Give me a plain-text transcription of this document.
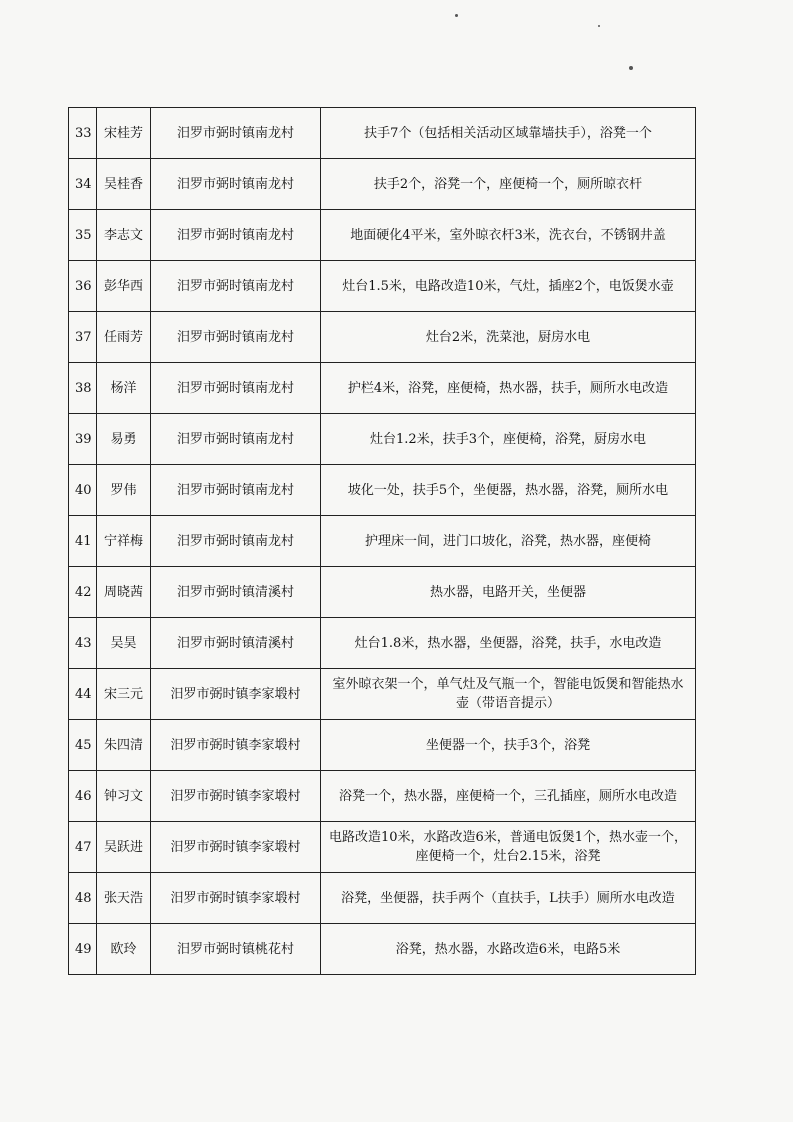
33	宋桂芳	汨罗市弼时镇南龙村	扶手7个（包括相关活动区域靠墙扶手），浴凳一个
34	吴桂香	汨罗市弼时镇南龙村	扶手2个，浴凳一个，座便椅一个，厕所晾衣杆
35	李志文	汨罗市弼时镇南龙村	地面硬化4平米，室外晾衣杆3米，洗衣台，不锈钢井盖
36	彭华西	汨罗市弼时镇南龙村	灶台1.5米，电路改造10米，气灶，插座2个，电饭煲水壶
37	任雨芳	汨罗市弼时镇南龙村	灶台2米，洗菜池，厨房水电
38	杨洋	汨罗市弼时镇南龙村	护栏4米，浴凳，座便椅，热水器，扶手，厕所水电改造
39	易勇	汨罗市弼时镇南龙村	灶台1.2米，扶手3个，座便椅，浴凳，厨房水电
40	罗伟	汨罗市弼时镇南龙村	坡化一处，扶手5个，坐便器，热水器，浴凳，厕所水电
41	宁祥梅	汨罗市弼时镇南龙村	护理床一间，进门口坡化，浴凳，热水器，座便椅
42	周晓茜	汨罗市弼时镇清溪村	热水器，电路开关，坐便器
43	吴昊	汨罗市弼时镇清溪村	灶台1.8米，热水器，坐便器，浴凳，扶手，水电改造
44	宋三元	汨罗市弼时镇李家塅村	室外晾衣架一个，单气灶及气瓶一个，智能电饭煲和智能热水壶（带语音提示）
45	朱四清	汨罗市弼时镇李家塅村	坐便器一个，扶手3个，浴凳
46	钟习文	汨罗市弼时镇李家塅村	浴凳一个，热水器，座便椅一个，三孔插座，厕所水电改造
47	吴跃进	汨罗市弼时镇李家塅村	电路改造10米，水路改造6米，普通电饭煲1个，热水壶一个，座便椅一个，灶台2.15米，浴凳
48	张天浩	汨罗市弼时镇李家塅村	浴凳，坐便器，扶手两个（直扶手，L扶手）厕所水电改造
49	欧玲	汨罗市弼时镇桃花村	浴凳，热水器，水路改造6米，电路5米
